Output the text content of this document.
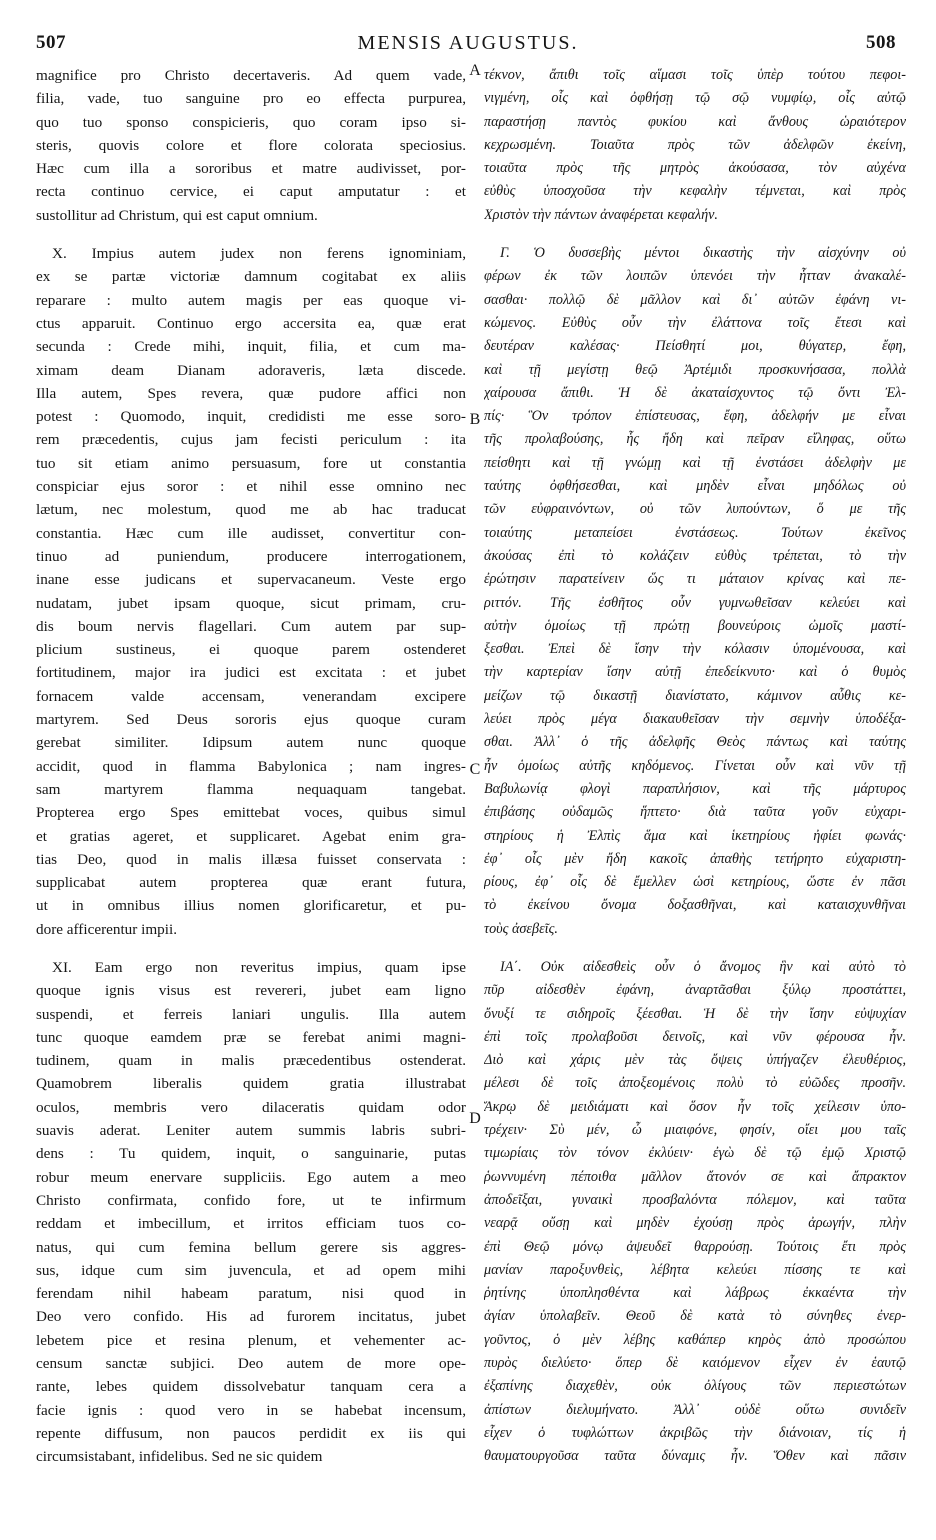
507	MENSIS AUGUSTUS.	508
magnifice pro Christo decertaveris. Ad quem vade,
filia, vade, tuo sanguine pro eo effecta purpurea,
quo tuo sponso conspicieris, quo coram ipso si-
steris, quovis colore et flore colorata speciosius.
Hæc cum illa a sororibus et matre audivisset, por-
recta continuo cervice, ei caput amputatur : et
sustollitur ad Christum, qui est caput omnium.
X. Impius autem judex non ferens ignominiam,
ex se partæ victoriæ damnum cogitabat ex aliis
reparare : multo autem magis per eas quoque vi-
ctus apparuit. Continuo ergo accersita ea, quæ erat
secunda : Crede mihi, inquit, filia, et cum ma-
ximam deam Dianam adoraveris, læta discede.
Illa autem, Spes revera, quæ pudore affici non
potest : Quomodo, inquit, credidisti me esse soro-
rem præcedentis, cujus jam fecisti periculum : ita
tuo sit etiam animo persuasum, fore ut constantia
conspiciar ejus soror : et nihil esse omnino nec
lætum, nec molestum, quod me ab hac traducat
constantia. Hæc cum ille audisset, convertitur con-
tinuo ad puniendum, producere interrogationem,
inane esse judicans et supervacaneum. Veste ergo
nudatam, jubet ipsam quoque, sicut primam, cru-
dis boum nervis flagellari. Cum autem par sup-
plicium sustineus, ei quoque parem ostenderet
fortitudinem, major ira judici est excitata : et jubet
fornacem valde accensam, venerandam excipere
martyrem. Sed Deus sororis ejus quoque curam
gerebat similiter. Idipsum autem nunc quoque
accidit, quod in flamma Babylonica ; nam ingres-
sam martyrem flamma nequaquam tangebat.
Propterea ergo Spes emittebat voces, quibus simul
et gratias ageret, et supplicaret. Agebat enim gra-
tias Deo, quod in malis illæsa fuisset conservata :
supplicabat autem propterea quæ erant futura,
ut in omnibus illius nomen glorificaretur, et pu-
dore afficerentur impii.
XI. Eam ergo non reveritus impius, quam ipse
quoque ignis visus est revereri, jubet eam ligno
suspendi, et ferreis laniari ungulis. Illa autem
tunc quoque eamdem præ se ferebat animi magni-
tudinem, quam in malis præcedentibus ostenderat.
Quamobrem liberalis quidem gratia illustrabat
oculos, membris vero dilaceratis quidam odor
suavis aderat. Leniter autem summis labris subri-
dens : Tu quidem, inquit, o sanguinarie, putas
robur meum enervare suppliciis. Ego autem a meo
Christo confirmata, confido fore, ut te infirmum
reddam et imbecillum, et irritos efficiam tuos co-
natus, qui cum femina bellum gerere sis aggres-
sus, idque cum sim juvencula, et ad opem mihi
ferendam nihil habeam paratum, nisi quod in
Deo vero confido. His ad furorem incitatus, jubet
lebetem pice et resina plenum, et vehementer ac-
censum sanctæ subjici. Deo autem de more ope-
rante, lebes quidem dissolvebatur tanquam cera a
facie ignis : quod vero in se habebat incensum,
repente diffusum, non paucos perdidit ex iis qui
circumsistabant, infidelibus. Sed ne sic quidem
τέκνον, ἄπιθι τοῖς αἵμασι τοῖς ὑπὲρ τούτου πεφοι-
νιγμένη, οἷς καὶ ὀφθήσῃ τῷ σῷ νυμφίῳ, οἷς αὐτῷ
παραστήσῃ παντὸς φυκίου καὶ ἄνθους ὡραιότερον
κεχρωσμένη. Τοιαῦτα πρὸς τῶν ἀδελφῶν ἐκείνη,
τοιαῦτα πρὸς τῆς μητρὸς ἀκούσασα, τὸν αὐχένα
εὐθὺς ὑποσχοῦσα τὴν κεφαλὴν τέμνεται, καὶ πρὸς
Χριστὸν τὴν πάντων ἀναφέρεται κεφαλήν.
Γ. Ὁ δυσσεβὴς μέντοι δικαστὴς τὴν αἰσχύνην οὐ
φέρων ἐκ τῶν λοιπῶν ὑπενόει τὴν ἧτταν ἀνακαλέ-
σασθαι· πολλῷ δὲ μᾶλλον καὶ δι᾽ αὐτῶν ἐφάνη νι-
κώμενος. Εὐθὺς οὖν τὴν ἐλάττονα τοῖς ἔτεσι καὶ
δευτέραν καλέσας· Πείσθητί μοι, θύγατερ, ἔφη,
καὶ τῇ μεγίστῃ θεῷ Ἀρτέμιδι προσκυνήσασα, πολλὰ
χαίρουσα ἄπιθι. Ἡ δὲ ἀκαταίσχυντος τῷ ὄντι Ἐλ-
πίς· Ὃν τρόπον ἐπίστευσας, ἔφη, ἀδελφήν με εἶναι
τῆς προλαβούσης, ἧς ἤδη καὶ πεῖραν εἴληφας, οὕτω
πείσθητι καὶ τῇ γνώμῃ καὶ τῇ ἐνστάσει ἀδελφὴν με
ταύτης ὀφθήσεσθαι, καὶ μηδὲν εἶναι μηδόλως οὐ
τῶν εὐφραινόντων, οὐ τῶν λυπούντων, ὅ με τῆς
τοιαύτης μεταπείσει ἐνστάσεως. Τούτων ἐκεῖνος
ἀκούσας ἐπὶ τὸ κολάζειν εὐθὺς τρέπεται, τὸ τὴν
ἐρώτησιν παρατείνειν ὥς τι μάταιον κρίνας καὶ πε-
ριττόν. Τῆς ἐσθῆτος οὖν γυμνωθεῖσαν κελεύει καὶ
αὐτὴν ὁμοίως τῇ πρώτῃ βουνεύροις ὠμοῖς μαστί-
ξεσθαι. Ἐπεὶ δὲ ἴσην τὴν κόλασιν ὑπομένουσα, καὶ
τὴν καρτερίαν ἴσην αὐτῇ ἐπεδείκνυτο· καὶ ὁ θυμὸς
μείζων τῷ δικαστῇ διανίστατο, κάμινον αὖθις κε-
λεύει πρὸς μέγα διακαυθεῖσαν τὴν σεμνὴν ὑποδέξα-
σθαι. Ἀλλ᾽ ὁ τῆς ἀδελφῆς Θεὸς πάντως καὶ ταύτης
ἦν ὁμοίως αὐτῆς κηδόμενος. Γίνεται οὖν καὶ νῦν τῇ
Βαβυλωνίᾳ φλογὶ παραπλήσιον, καὶ τῆς μάρτυρος
ἐπιβάσης οὐδαμῶς ἥπτετο· διὰ ταῦτα γοῦν εὐχαρι-
στηρίους ἡ Ἐλπὶς ἅμα καὶ ἱκετηρίους ἠφίει φωνάς·
ἐφ᾽ οἷς μὲν ἤδη κακοῖς ἀπαθὴς τετήρητο εὐχαριστη-
ρίους, ἐφ᾽ οἷς δὲ ἔμελλεν ὡσὶ κετηρίους, ὥστε ἐν πᾶσι
τὸ ἐκείνου ὄνομα δοξασθῆναι, καὶ καταισχυνθῆναι
τοὺς ἀσεβεῖς.
ΙΑ΄. Οὐκ αἰδεσθεὶς οὖν ὁ ἄνομος ἣν καὶ αὐτὸ τὸ
πῦρ αἰδεσθὲν ἐφάνη, ἀναρτᾶσθαι ξύλῳ προστάττει,
ὄνυξί τε σιδηροῖς ξέεσθαι. Ἡ δὲ τὴν ἴσην εὐψυχίαν
ἐπὶ τοῖς προλαβοῦσι δεινοῖς, καὶ νῦν φέρουσα ἦν.
Διὸ καὶ χάρις μὲν τὰς ὄψεις ὑπήγαζεν ἐλευθέριος,
μέλεσι δὲ τοῖς ἀποξεομένοις πολὺ τὸ εὐῶδες προσῆν.
Ἄκρῳ δὲ μειδιάματι καὶ ὅσον ἦν τοῖς χείλεσιν ὑπο-
τρέχειν· Σὺ μέν, ὦ μιαιφόνε, φησίν, οἴει μου ταῖς
τιμωρίαις τὸν τόνον ἐκλύειν· ἐγὼ δὲ τῷ ἐμῷ Χριστῷ
ῥωννυμένη πέποιθα μᾶλλον ἄτονόν σε καὶ ἄπρακτον
ἀποδεῖξαι, γυναικὶ προσβαλόντα πόλεμον, καὶ ταῦτα
νεαρᾷ οὔσῃ καὶ μηδὲν ἐχούσῃ πρὸς ἀρωγήν, πλὴν
ἐπὶ Θεῷ μόνῳ ἀψευδεῖ θαρρούσῃ. Τούτοις ἔτι πρὸς
μανίαν παροξυνθεὶς, λέβητα κελεύει πίσσης τε καὶ
ῥητίνης ὑποπλησθέντα καὶ λάβρως ἐκκαέντα τὴν
ἁγίαν ὑπολαβεῖν. Θεοῦ δὲ κατὰ τὸ σύνηθες ἐνερ-
γοῦντος, ὁ μὲν λέβης καθάπερ κηρὸς ἀπὸ προσώπου
πυρὸς διελύετο· ὅπερ δὲ καιόμενον εἶχεν ἐν ἑαυτῷ
ἐξαπίνης διαχεθὲν, οὐκ ὀλίγους τῶν περιεστώτων
ἀπίστων διελυμήνατο. Ἀλλ᾽ οὐδὲ οὕτω συνιδεῖν
εἶχεν ὁ τυφλώττων ἀκριβῶς τὴν διάνοιαν, τίς ἡ
θαυματουργοῦσα ταῦτα δύναμις ἦν. Ὅθεν καὶ πᾶσιν
A
B
C
D
